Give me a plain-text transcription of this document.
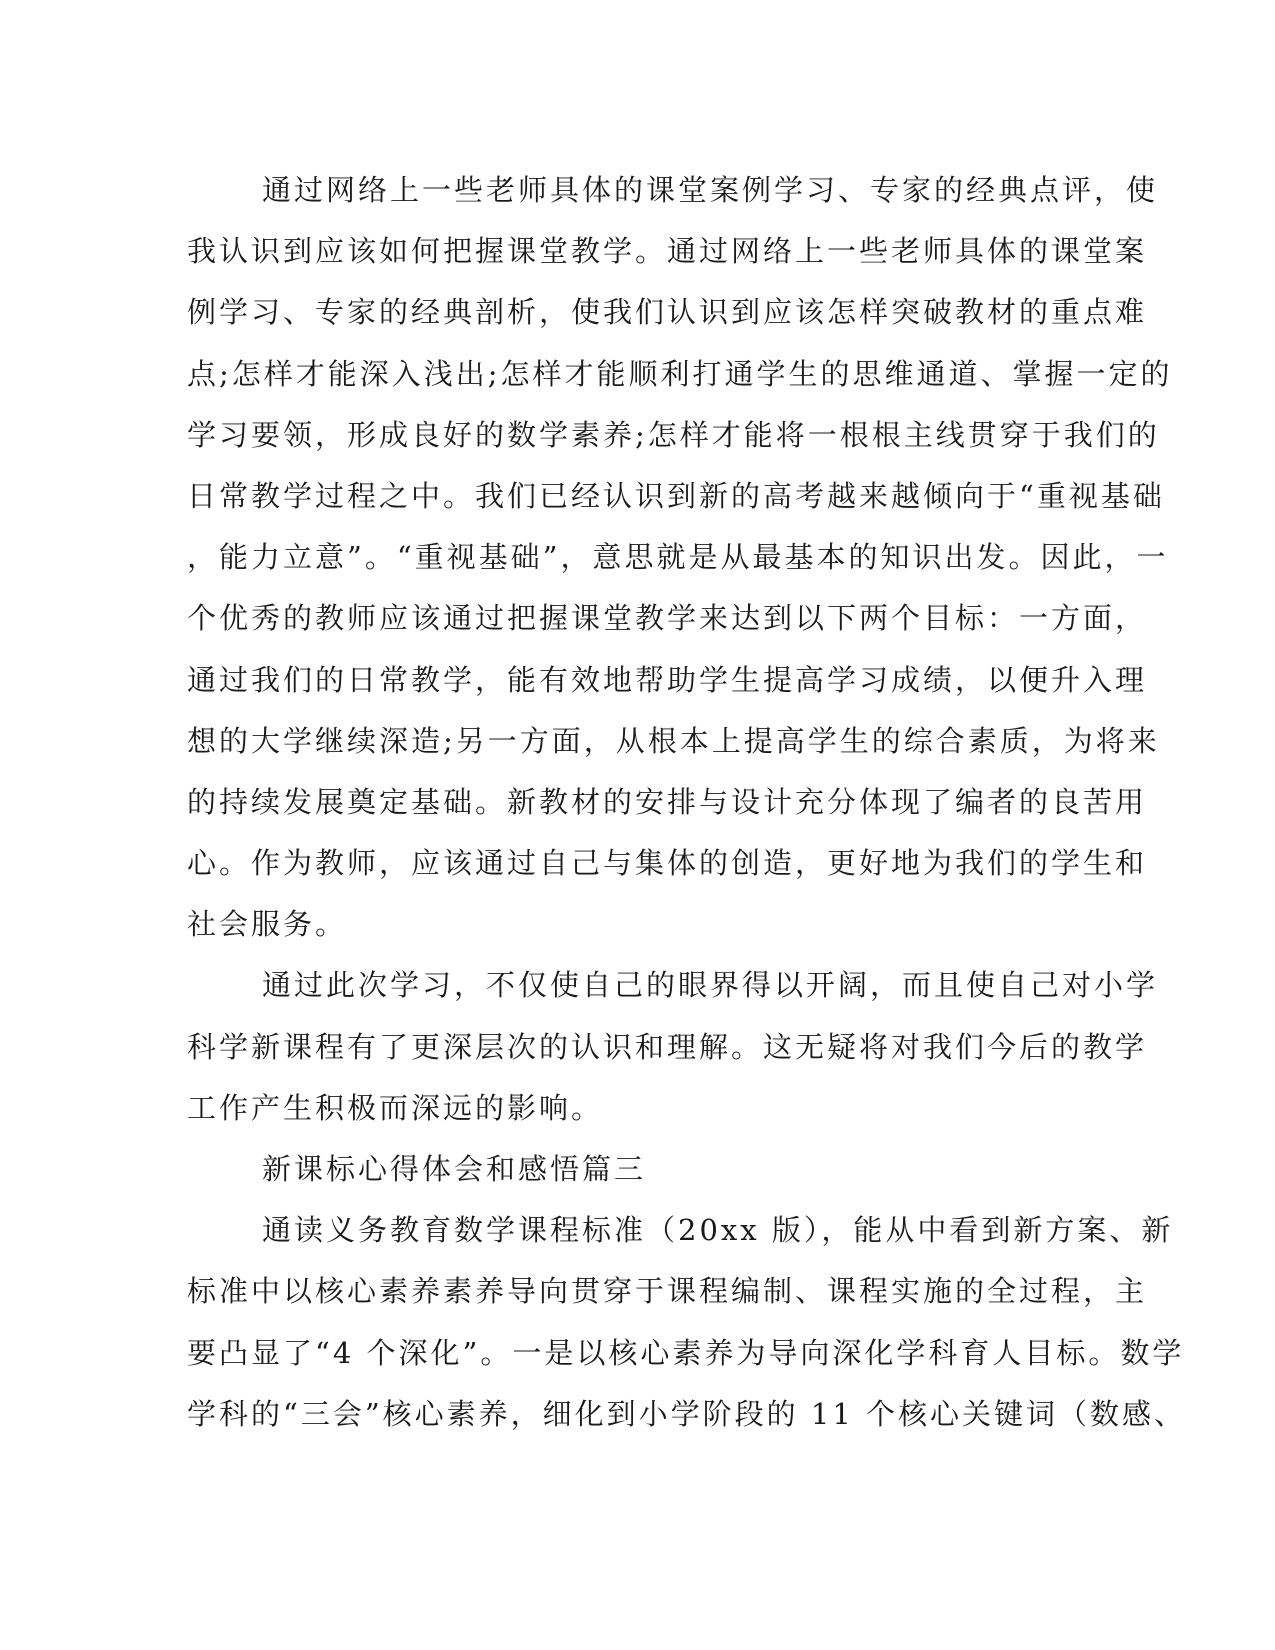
通过网络上一些老师具体的课堂案例学习、专家的经典点评，使
我认识到应该如何把握课堂教学。通过网络上一些老师具体的课堂案
例学习、专家的经典剖析，使我们认识到应该怎样突破教材的重点难
点;怎样才能深入浅出;怎样才能顺利打通学生的思维通道、掌握一定的
学习要领，形成良好的数学素养;怎样才能将一根根主线贯穿于我们的
日常教学过程之中。我们已经认识到新的高考越来越倾向于“重视基础
，能力立意”。“重视基础”，意思就是从最基本的知识出发。因此，一
个优秀的教师应该通过把握课堂教学来达到以下两个目标：一方面，
通过我们的日常教学，能有效地帮助学生提高学习成绩，以便升入理
想的大学继续深造;另一方面，从根本上提高学生的综合素质，为将来
的持续发展奠定基础。新教材的安排与设计充分体现了编者的良苦用
心。作为教师，应该通过自己与集体的创造，更好地为我们的学生和
社会服务。
通过此次学习，不仅使自己的眼界得以开阔，而且使自己对小学
科学新课程有了更深层次的认识和理解。这无疑将对我们今后的教学
工作产生积极而深远的影响。
新课标心得体会和感悟篇三
通读义务教育数学课程标准（20xx 版），能从中看到新方案、新
标准中以核心素养素养导向贯穿于课程编制、课程实施的全过程，主
要凸显了“4 个深化”。一是以核心素养为导向深化学科育人目标。数学
学科的“三会”核心素养，细化到小学阶段的 11 个核心关键词（数感、
